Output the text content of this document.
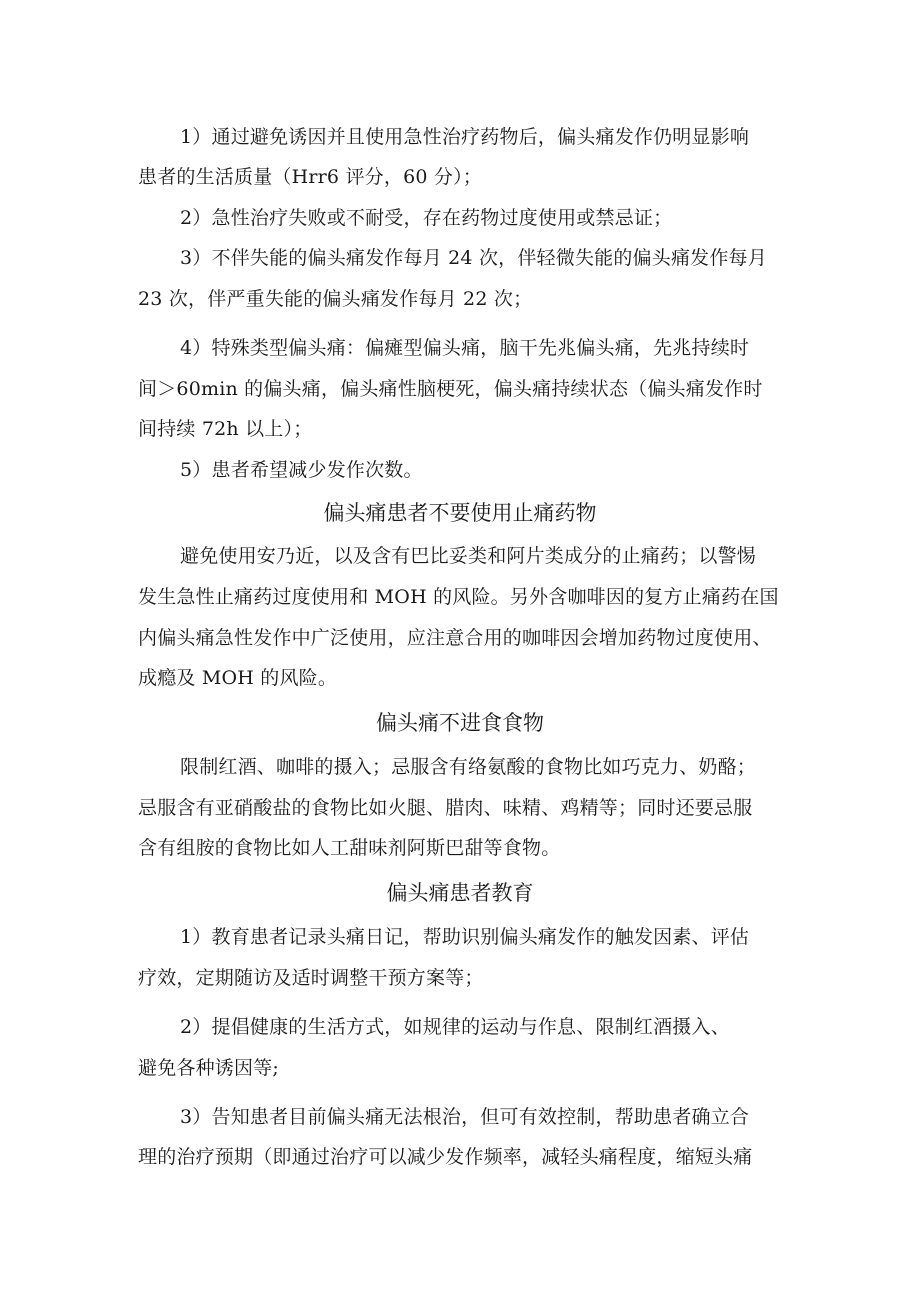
1）通过避免诱因并且使用急性治疗药物后，偏头痛发作仍明显影响
患者的生活质量（Hrr6 评分，60 分）；
2）急性治疗失败或不耐受，存在药物过度使用或禁忌证；
3）不伴失能的偏头痛发作每月 24 次，伴轻微失能的偏头痛发作每月
23 次，伴严重失能的偏头痛发作每月 22 次；
4）特殊类型偏头痛：偏瘫型偏头痛，脑干先兆偏头痛，先兆持续时
间＞60min 的偏头痛，偏头痛性脑梗死，偏头痛持续状态（偏头痛发作时
间持续 72h 以上）；
5）患者希望减少发作次数。
偏头痛患者不要使用止痛药物
避免使用安乃近，以及含有巴比妥类和阿片类成分的止痛药；以警惕
发生急性止痛药过度使用和 MOH 的风险。另外含咖啡因的复方止痛药在国
内偏头痛急性发作中广泛使用，应注意合用的咖啡因会增加药物过度使用、
成瘾及 MOH 的风险。
偏头痛不进食食物
限制红酒、咖啡的摄入；忌服含有络氨酸的食物比如巧克力、奶酪；
忌服含有亚硝酸盐的食物比如火腿、腊肉、味精、鸡精等；同时还要忌服
含有组胺的食物比如人工甜味剂阿斯巴甜等食物。
偏头痛患者教育
1）教育患者记录头痛日记，帮助识别偏头痛发作的触发因素、评估
疗效，定期随访及适时调整干预方案等；
2）提倡健康的生活方式，如规律的运动与作息、限制红酒摄入、
避免各种诱因等;
3）告知患者目前偏头痛无法根治，但可有效控制，帮助患者确立合
理的治疗预期（即通过治疗可以减少发作频率，减轻头痛程度，缩短头痛
